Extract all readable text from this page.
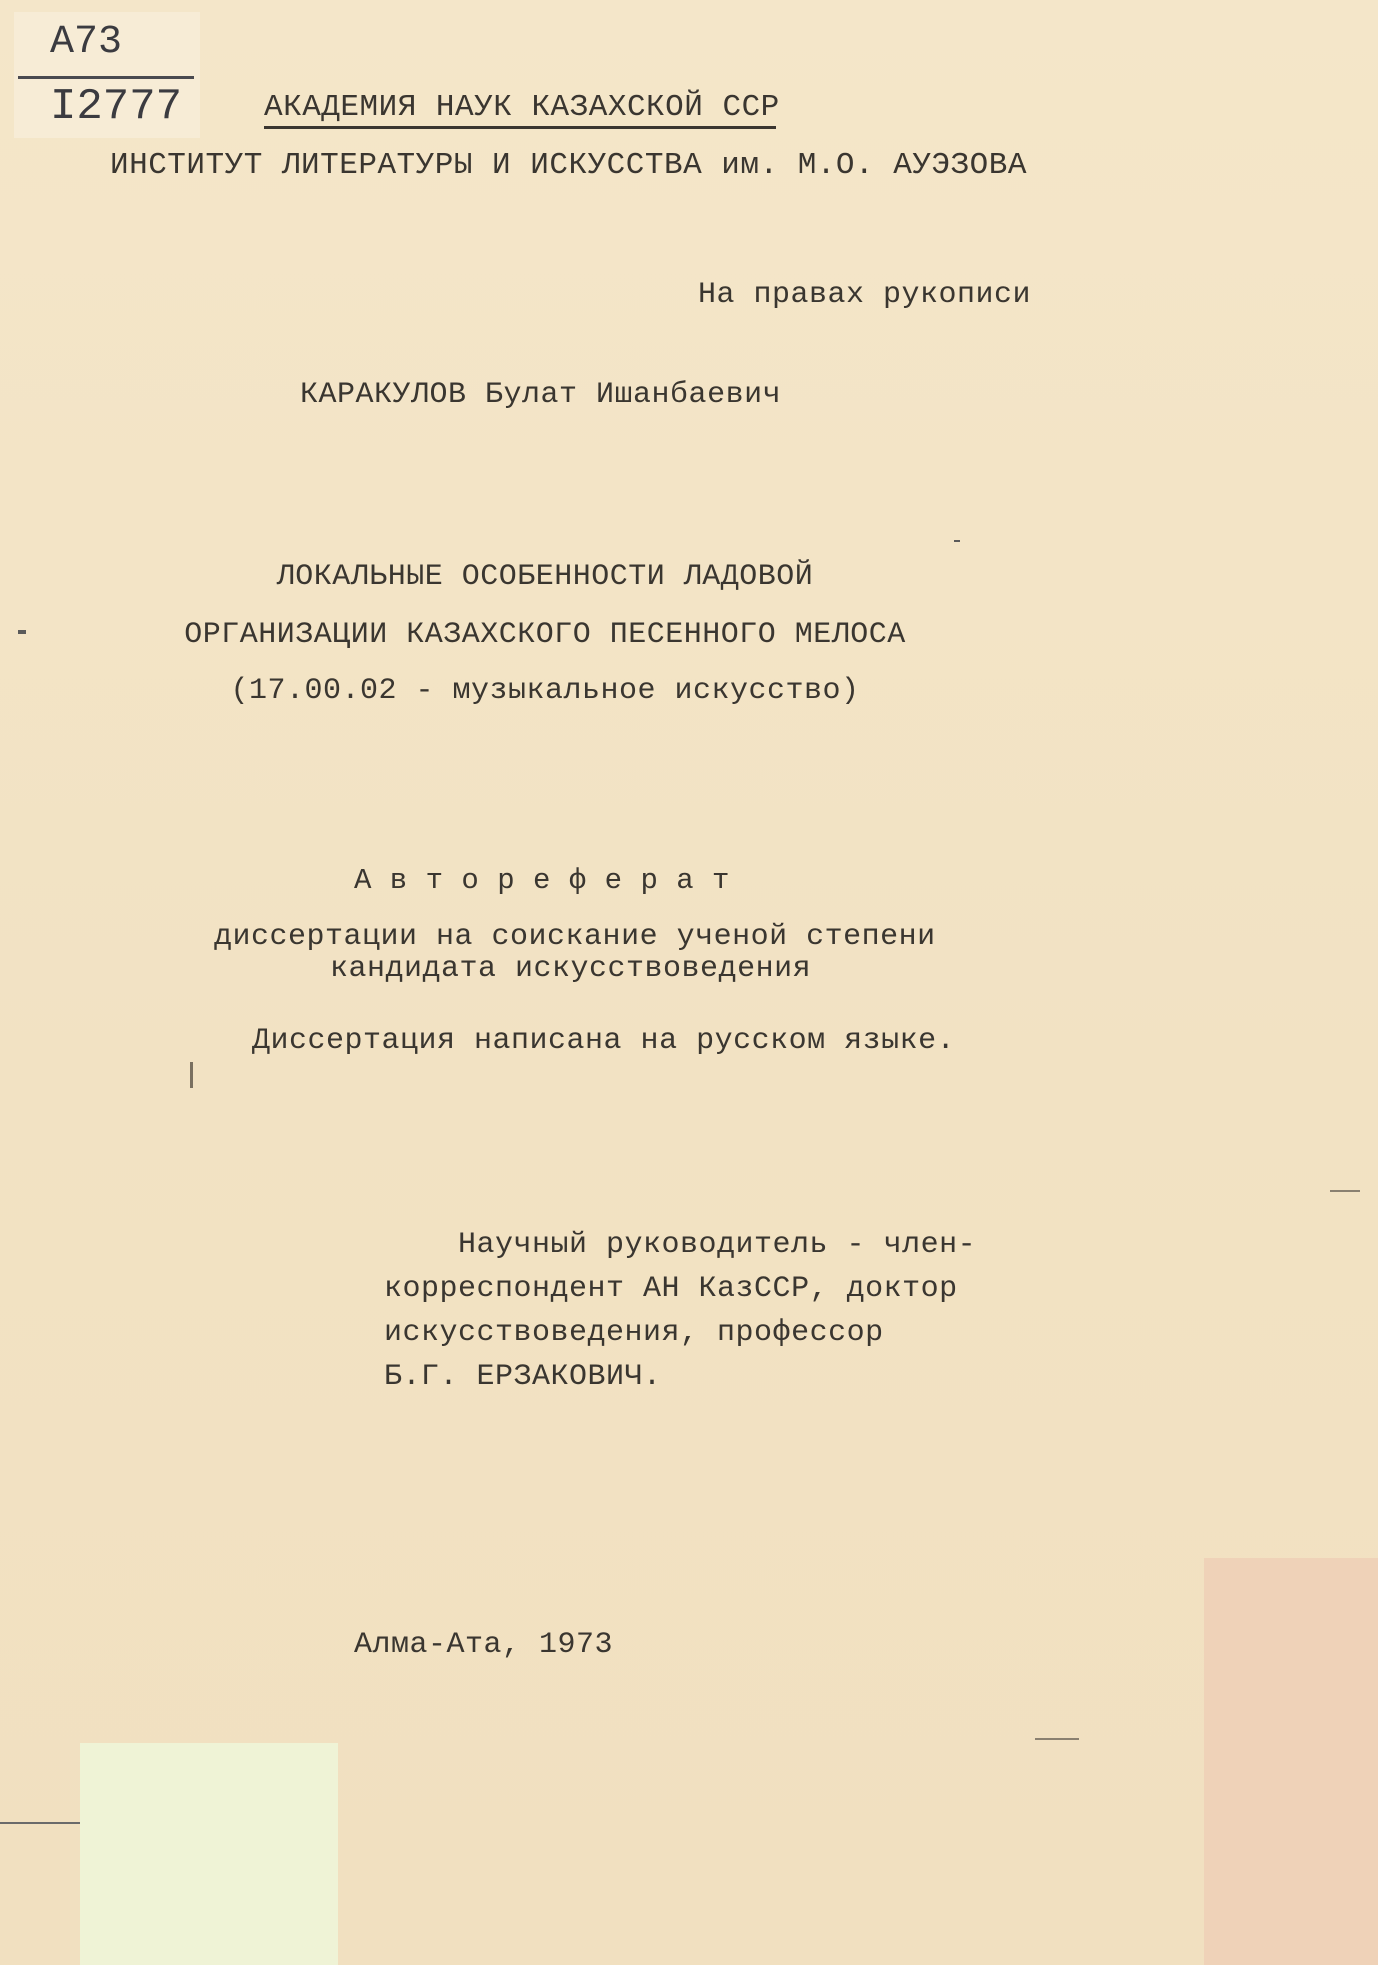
А73
I2777	АКАДЕМИЯ НАУК КАЗАХСКОЙ ССР
ИНСТИТУТ ЛИТЕРАТУРЫ И ИСКУССТВА им. М.О. АУЭЗОВА
На правах рукописи
КАРАКУЛОВ Булат Ишанбаевич
ЛОКАЛЬНЫЕ ОСОБЕННОСТИ ЛАДОВОЙ
ОРГАНИЗАЦИИ КАЗАХСКОГО ПЕСЕННОГО МЕЛОСА
(17.00.02 - музыкальное искусство)
А в т о р е ф е р а т
диссертации на соискание ученой степени
кандидата искусствоведения
Диссертация написана на русском языке.
Научный руководитель - член-
корреспондент АН КазССР, доктор
искусствоведения, профессор
Б.Г. ЕРЗАКОВИЧ.
Алма-Ата, 1973
